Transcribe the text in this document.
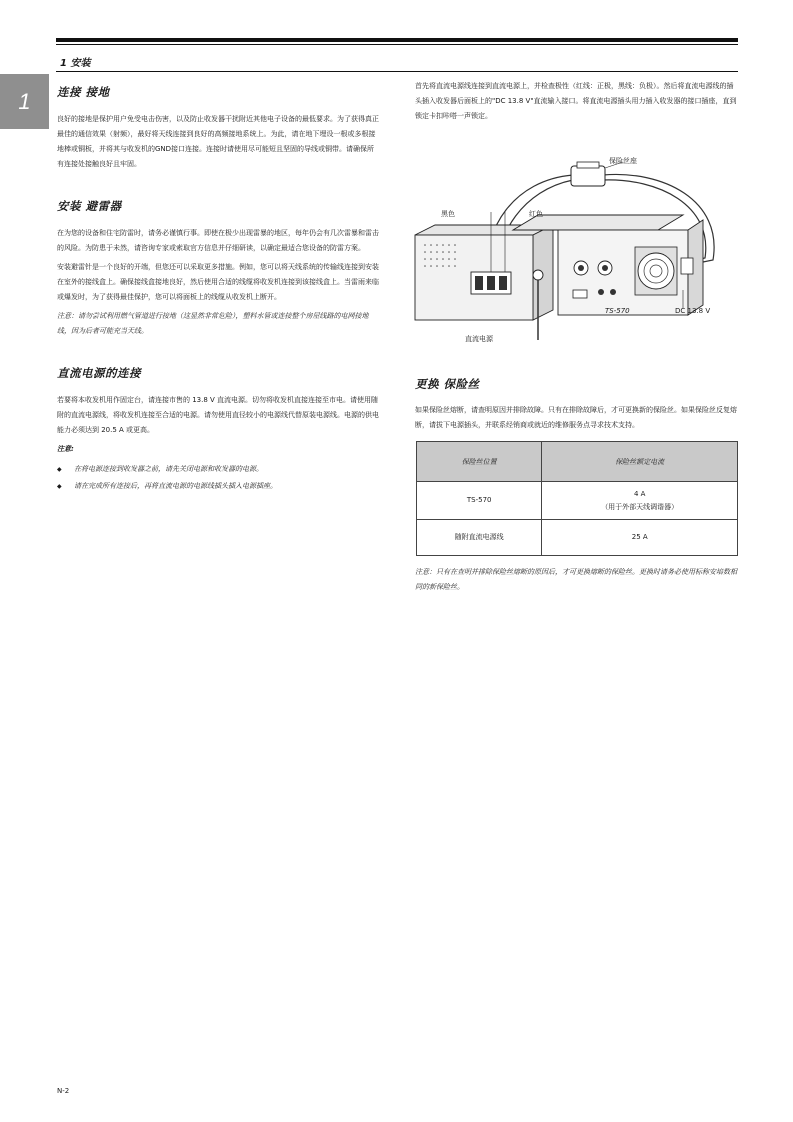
1 安装
1 连接 接地

良好的接地是保护用户免受电击伤害，以及防止收发器干扰附近其他电子设备的最低要求。为了获得真正最佳的通信效果（射频），最好将天线连接到良好的高频接地系统上。为此，请在地下埋设一根或多根接地棒或铜板，并将其与收发机的GND接口连接。连接时请使用尽可能短且坚固的导线或铜带。请确保所有连接处接触良好且牢固。

安装 避雷器

在为您的设备和住宅防雷时，请务必谨慎行事。即使在极少出现雷暴的地区，每年仍会有几次雷暴和雷击的风险。为防患于未然，请咨询专家或索取官方信息并仔细研读，以确定最适合您设备的防雷方案。

安装避雷针是一个良好的开端，但您还可以采取更多措施。例如，您可以将天线系统的传输线连接到安装在室外的接线盒上。确保接线盒接地良好，然后使用合适的线缆将收发机连接到该接线盒上。当雷雨来临或爆发时，为了获得最佳保护，您可以将面板上的线缆从收发机上断开。

注意：请勿尝试利用燃气管道进行接地（这显然非常危险），塑料水管或连接整个房屋线路的电网接地线，因为后者可能充当天线。

直流电源的连接

若要将本收发机用作固定台，请连接市售的 13.8 V 直流电源。切勿将收发机直接连接至市电。请使用随附的直流电源线，将收发机连接至合适的电源。请勿使用直径较小的电源线代替原装电源线。电源的供电能力必须达到 20.5 A 或更高。

注意:
◆ 在将电源连接到收发器之前，请先关闭电源和收发器的电源。
◆ 请在完成所有连接后，再将直流电源的电源线插头插入电源插座。

首先将直流电源线连接到直流电源上，并检查极性（红线：正极，黑线：负极）。然后将直流电源线的插头插入收发器后面板上的"DC 13.8 V"直流输入接口。将直流电源插头用力插入收发器的接口插座，直到锁定卡扣咔嗒一声锁定。

保险丝座
黑色	红色
TS-570	DC 13.8 V
直流电源
更换 保险丝

如果保险丝熔断，请查明原因并排除故障。只有在排除故障后，才可更换新的保险丝。如果保险丝反复熔断，请拔下电源插头，并联系经销商或就近的维修服务点寻求技术支持。

保险丝位置	保险丝额定电流
TS-570	4 A
（用于外部天线调谐器）

随附直流电源线	25 A

注意：只有在查明并排除保险丝熔断的原因后，才可更换熔断的保险丝。更换时请务必使用标称安培数相同的新保险丝。

N-2
